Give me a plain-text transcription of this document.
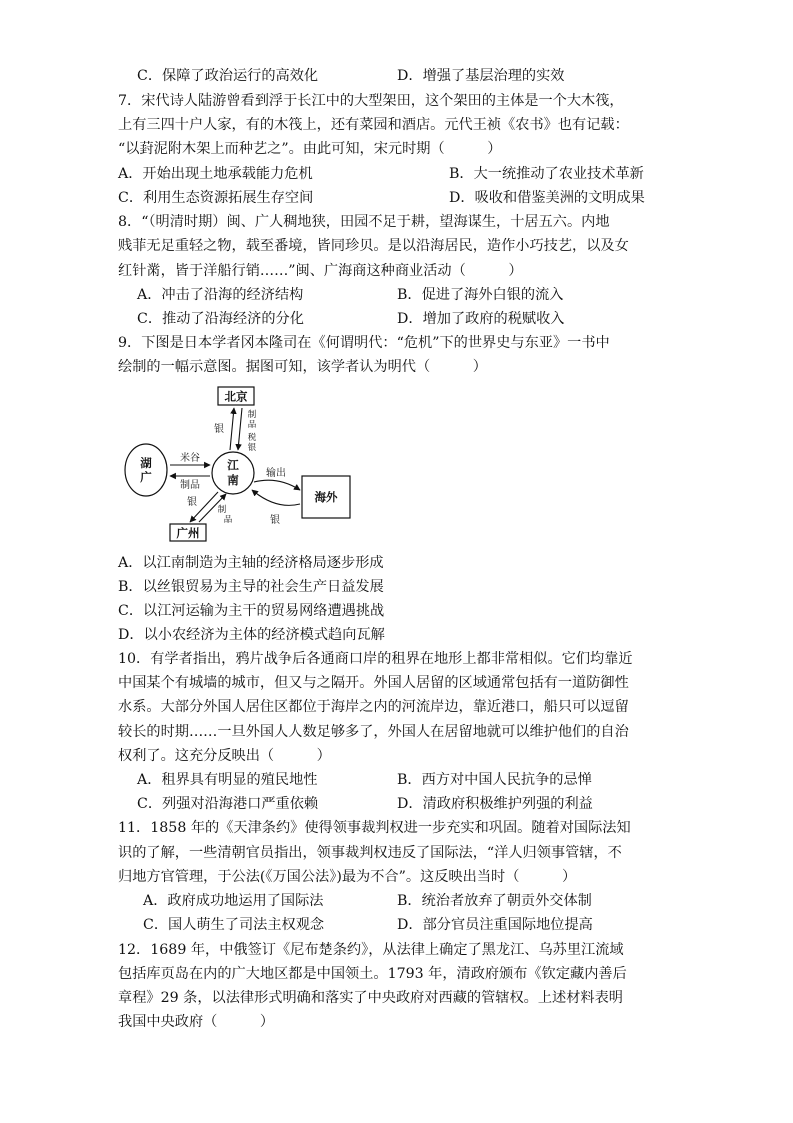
C．保障了政治运行的高效化	D．增强了基层治理的实效
7．宋代诗人陆游曾看到浮于长江中的大型架田，这个架田的主体是一个大木筏，
上有三四十户人家，有的木筏上，还有菜园和酒店。元代王祯《农书》也有记载：
“以葑泥附木架上而种艺之”。由此可知，宋元时期（　　　）
A．开始出现土地承载能力危机	B．大一统推动了农业技术革新
C．利用生态资源拓展生存空间	D．吸收和借鉴美洲的文明成果
8．“（明清时期）闽、广人稠地狭，田园不足于耕，望海谋生，十居五六。内地
贱菲无足重轻之物，载至番境，皆同珍贝。是以沿海居民，造作小巧技艺，以及女
红针黹，皆于洋船行销……”闽、广海商这种商业活动（　　　）
A．冲击了沿海的经济结构	B．促进了海外白银的流入
C．推动了沿海经济的分化	D．增加了政府的税赋收入
9．下图是日本学者冈本隆司在《何谓明代：“危机”下的世界史与东亚》一书中
绘制的一幅示意图。据图可知，该学者认为明代（　　　）
北京
湖
广
江
南
海外
广州
米谷
制品
银
制
品
税
银
输出
银
银
制
品
A．以江南制造为主轴的经济格局逐步形成
B．以丝银贸易为主导的社会生产日益发展
C．以江河运输为主干的贸易网络遭遇挑战
D．以小农经济为主体的经济模式趋向瓦解
10．有学者指出，鸦片战争后各通商口岸的租界在地形上都非常相似。它们均靠近
中国某个有城墙的城市，但又与之隔开。外国人居留的区域通常包括有一道防御性
水系。大部分外国人居住区都位于海岸之内的河流岸边，靠近港口，船只可以逗留
较长的时期……一旦外国人人数足够多了，外国人在居留地就可以维护他们的自治
权利了。这充分反映出（　　　）
A．租界具有明显的殖民地性	B．西方对中国人民抗争的忌惮
C．列强对沿海港口严重依赖	D．清政府积极维护列强的利益
11．1858 年的《天津条约》使得领事裁判权进一步充实和巩固。随着对国际法知
识的了解，一些清朝官员指出，领事裁判权违反了国际法，“洋人归领事管辖，不
归地方官管理，于公法(《万国公法》)最为不合”。这反映出当时（　　　）
A．政府成功地运用了国际法	B．统治者放弃了朝贡外交体制
C．国人萌生了司法主权观念	D．部分官员注重国际地位提高
12．1689 年，中俄签订《尼布楚条约》，从法律上确定了黑龙江、乌苏里江流域
包括库页岛在内的广大地区都是中国领土。1793 年，清政府颁布《钦定藏内善后
章程》29 条，以法律形式明确和落实了中央政府对西藏的管辖权。上述材料表明
我国中央政府（　　　）
